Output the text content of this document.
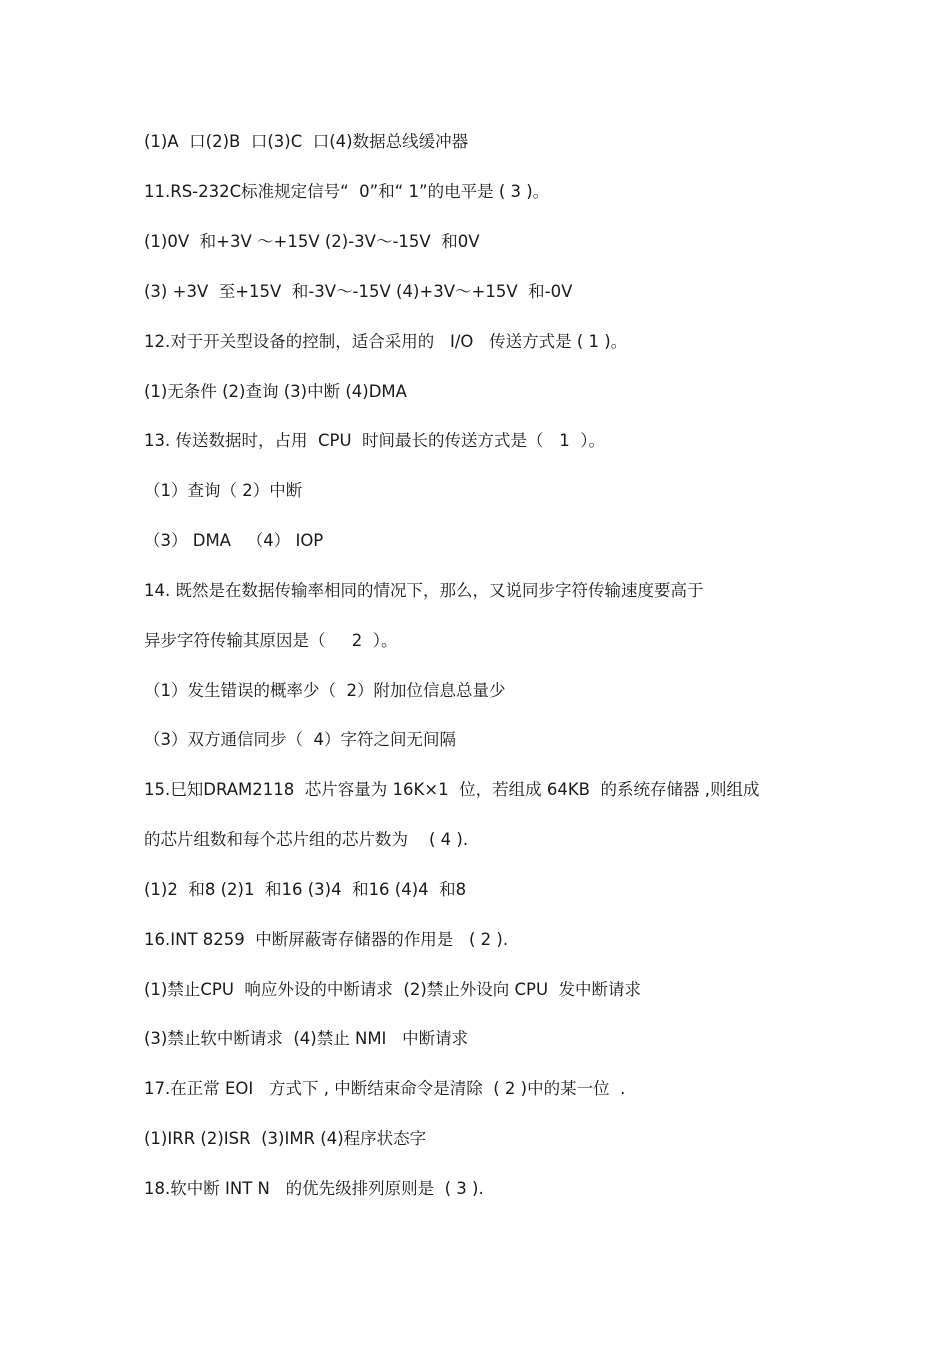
(1)A  口(2)B  口(3)C  口(4)数据总线缓冲器
11.RS-232C标准规定信号“  0”和“ 1”的电平是 ( 3 )。
(1)0V  和+3V ～+15V (2)-3V～-15V  和0V
(3) +3V  至+15V  和-3V～-15V (4)+3V～+15V  和-0V
12.对于开关型设备的控制，适合采用的   I/O   传送方式是 ( 1 )。
(1)无条件 (2)查询 (3)中断 (4)DMA
13. 传送数据时，占用  CPU  时间最长的传送方式是（   1  ）。
（1）查询（ 2）中断
（3） DMA   （4） IOP
14. 既然是在数据传输率相同的情况下，那么，又说同步字符传输速度要高于
异步字符传输其原因是（     2  ）。
（1）发生错误的概率少（  2）附加位信息总量少
（3）双方通信同步（  4）字符之间无间隔
15.巳知DRAM2118  芯片容量为 16K×1  位，若组成 64KB  的系统存储器 ,则组成
的芯片组数和每个芯片组的芯片数为    ( 4 ).
(1)2  和8 (2)1  和16 (3)4  和16 (4)4  和8
16.INT 8259  中断屏蔽寄存储器的作用是   ( 2 ).
(1)禁止CPU  响应外设的中断请求  (2)禁止外设向 CPU  发中断请求
(3)禁止软中断请求  (4)禁止 NMI   中断请求
17.在正常 EOI   方式下 , 中断结束命令是清除  ( 2 )中的某一位  .
(1)IRR (2)ISR  (3)IMR (4)程序状态字
18.软中断 INT N   的优先级排列原则是  ( 3 ).
